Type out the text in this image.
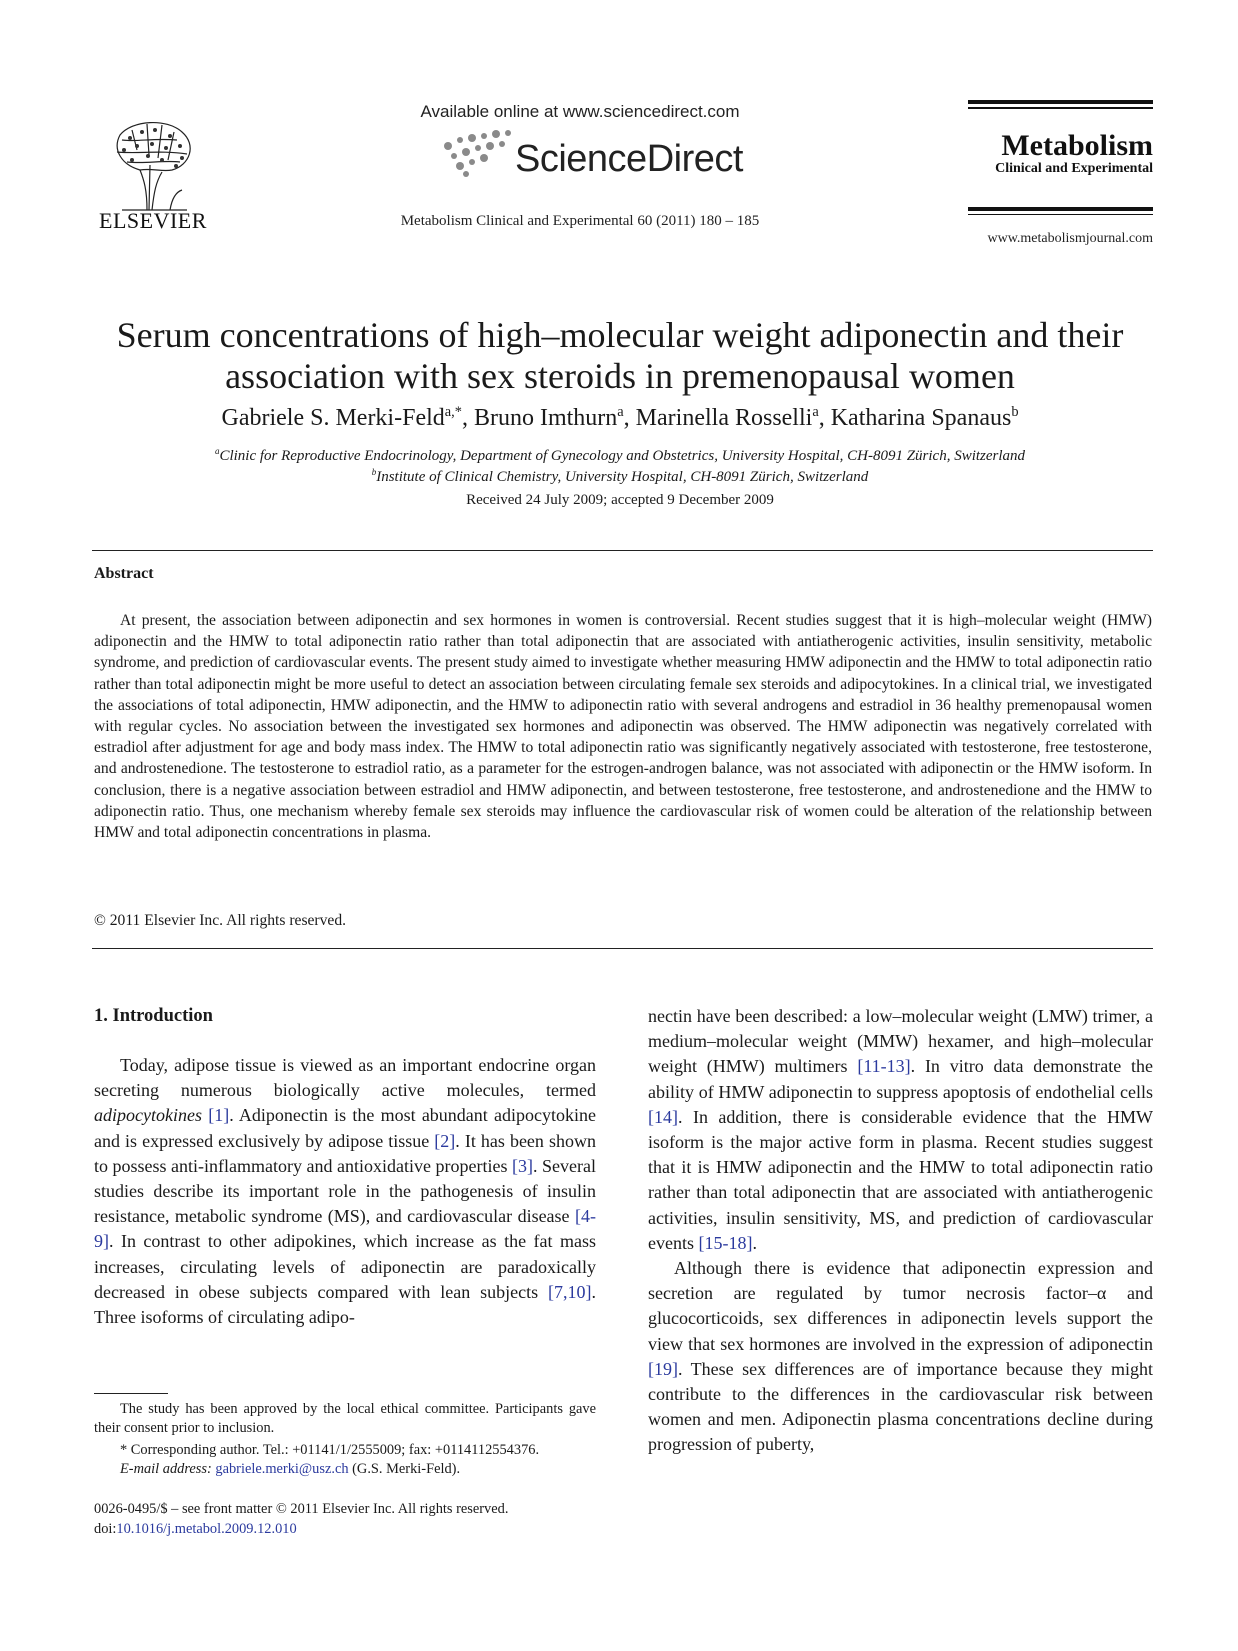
ELSEVIER
Available online at www.sciencedirect.com
ScienceDirect
Metabolism Clinical and Experimental 60 (2011) 180 – 185
Metabolism
Clinical and Experimental
www.metabolismjournal.com
Serum concentrations of high–molecular weight adiponectin and their
association with sex steroids in premenopausal women
Gabriele S. Merki-Feld$^{a,*}$, Bruno Imthurn$^a$, Marinella Rosselli$^a$, Katharina Spanaus$^b$
$^a$Clinic for Reproductive Endocrinology, Department of Gynecology and Obstetrics, University Hospital, CH-8091 Zürich, Switzerland
$^b$Institute of Clinical Chemistry, University Hospital, CH-8091 Zürich, Switzerland
Received 24 July 2009; accepted 9 December 2009
Abstract
At present, the association between adiponectin and sex hormones in women is controversial. Recent studies suggest that it is high–molecular weight (HMW) adiponectin and the HMW to total adiponectin ratio rather than total adiponectin that are associated with antiatherogenic activities, insulin sensitivity, metabolic syndrome, and prediction of cardiovascular events. The present study aimed to investigate whether measuring HMW adiponectin and the HMW to total adiponectin ratio rather than total adiponectin might be more useful to detect an association between circulating female sex steroids and adipocytokines. In a clinical trial, we investigated the associations of total adiponectin, HMW adiponectin, and the HMW to adiponectin ratio with several androgens and estradiol in 36 healthy premenopausal women with regular cycles. No association between the investigated sex hormones and adiponectin was observed. The HMW adiponectin was negatively correlated with estradiol after adjustment for age and body mass index. The HMW to total adiponectin ratio was significantly negatively associated with testosterone, free testosterone, and androstenedione. The testosterone to estradiol ratio, as a parameter for the estrogen-androgen balance, was not associated with adiponectin or the HMW isoform. In conclusion, there is a negative association between estradiol and HMW adiponectin, and between testosterone, free testosterone, and androstenedione and the HMW to adiponectin ratio. Thus, one mechanism whereby female sex steroids may influence the cardiovascular risk of women could be alteration of the relationship between HMW and total adiponectin concentrations in plasma.
© 2011 Elsevier Inc. All rights reserved.
1. Introduction

Today, adipose tissue is viewed as an important endocrine organ secreting numerous biologically active molecules, termed adipocytokines [1]. Adiponectin is the most abundant adipocytokine and is expressed exclusively by adipose tissue [2]. It has been shown to possess anti-inflammatory and antioxidative properties [3]. Several studies describe its important role in the pathogenesis of insulin resistance, metabolic syndrome (MS), and cardiovascular disease [4-9]. In contrast to other adipokines, which increase as the fat mass increases, circulating levels of adiponectin are paradoxically decreased in obese subjects compared with lean subjects [7,10]. Three isoforms of circulating adipo-

nectin have been described: a low–molecular weight (LMW) trimer, a medium–molecular weight (MMW) hexamer, and high–molecular weight (HMW) multimers [11-13]. In vitro data demonstrate the ability of HMW adiponectin to suppress apoptosis of endothelial cells [14]. In addition, there is considerable evidence that the HMW isoform is the major active form in plasma. Recent studies suggest that it is HMW adiponectin and the HMW to total adiponectin ratio rather than total adiponectin that are associated with antiatherogenic activities, insulin sensitivity, MS, and prediction of cardiovascular events [15-18].

Although there is evidence that adiponectin expression and secretion are regulated by tumor necrosis factor–α and glucocorticoids, sex differences in adiponectin levels support the view that sex hormones are involved in the expression of adiponectin [19]. These sex differences are of importance because they might contribute to the differences in the cardiovascular risk between women and men. Adiponectin plasma concentrations decline during progression of puberty,

The study has been approved by the local ethical committee. Participants gave their consent prior to inclusion.
* Corresponding author. Tel.: +01141/1/2555009; fax: +0114112554376.
E-mail address: gabriele.merki@usz.ch (G.S. Merki-Feld).
0026-0495/$ – see front matter © 2011 Elsevier Inc. All rights reserved.
doi:10.1016/j.metabol.2009.12.010
